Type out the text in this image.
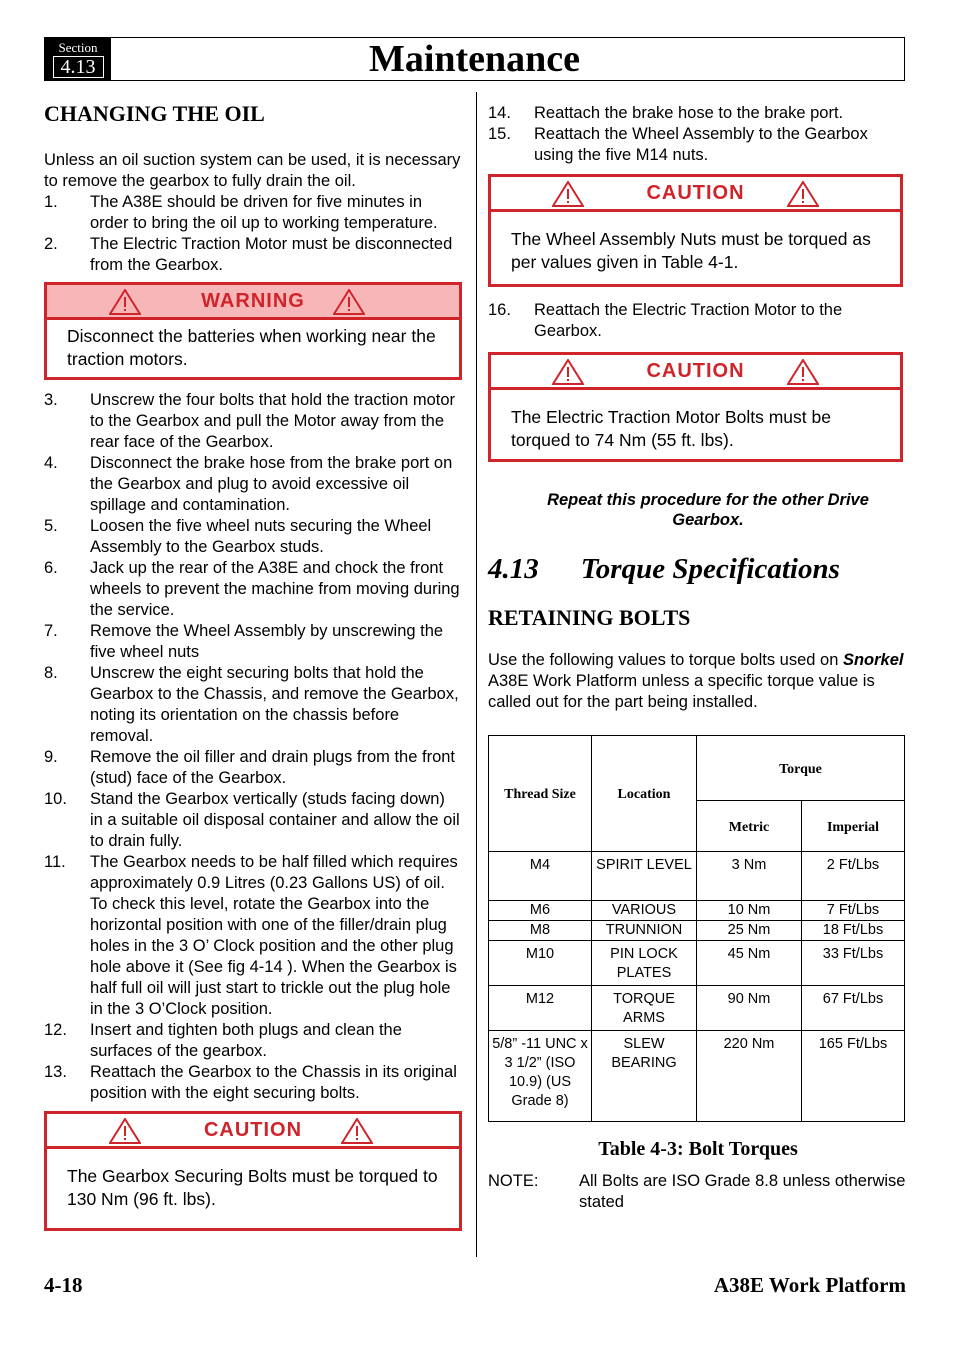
Section
4.13	Maintenance
CHANGING THE OIL

Unless an oil suction system can be used, it is necessary to remove the gearbox to fully drain the oil.

1. The A38E should be driven for five minutes in order to bring the oil up to working temperature.
2. The Electric Traction Motor must be disconnected from the Gearbox.
WARNING
Disconnect the batteries when working near the traction motors.
3. Unscrew the four bolts that hold the traction motor to the Gearbox and pull the Motor away from the rear face of the Gearbox.
4. Disconnect the brake hose from the brake port on the Gearbox and plug to avoid excessive oil spillage and contamination.
5. Loosen the five wheel nuts securing the Wheel Assembly to the Gearbox studs.
6. Jack up the rear of the A38E and chock the front wheels to prevent the machine from moving during the service.
7. Remove the Wheel Assembly by unscrewing the five wheel nuts
8. Unscrew the eight securing bolts that hold the Gearbox to the Chassis, and remove the Gearbox, noting its orientation on the chassis before removal.
9. Remove the oil filler and drain plugs from the front (stud) face of the Gearbox.
10. Stand the Gearbox vertically (studs facing down) in a suitable oil disposal container and allow the oil to drain fully.
11. The Gearbox needs to be half filled which requires approximately 0.9 Litres (0.23 Gallons US) of oil. To check this level, rotate the Gearbox into the horizontal position with one of the filler/drain plug holes in the 3 O’ Clock position and the other plug hole above it (See fig 4-14 ). When the Gearbox is half full oil will just start to trickle out the plug hole in the 3 O’Clock position.
12. Insert and tighten both plugs and clean the surfaces of the gearbox.
13. Reattach the Gearbox to the Chassis in its original position with the eight securing bolts.
CAUTION
The Gearbox Securing Bolts must be torqued to 130 Nm (96 ft. lbs).
14. Reattach the brake hose to the brake port.
15. Reattach the Wheel Assembly to the Gearbox using the five M14 nuts.
CAUTION
The Wheel Assembly Nuts must be torqued as per values given in Table 4-1.
16. Reattach the Electric Traction Motor to the Gearbox.
CAUTION
The Electric Traction Motor Bolts must be torqued to 74 Nm (55 ft. lbs).
Repeat this procedure for the other Drive Gearbox.
4.13 Torque Specifications
RETAINING BOLTS

Use the following values to torque bolts used on Snorkel A38E Work Platform unless a specific torque value is called out for the part being installed.

Thread Size	Location	Torque	
		Metric	Imperial
M4	SPIRIT LEVEL	3 Nm	2 Ft/Lbs
M6	VARIOUS	10 Nm	7 Ft/Lbs
M8	TRUNNION	25 Nm	18 Ft/Lbs
M10	PIN LOCK PLATES	45 Nm	33 Ft/Lbs
M12	TORQUE ARMS	90 Nm	67 Ft/Lbs
5/8” -11 UNC x 3 1/2” (ISO 10.9) (US Grade 8)	SLEW BEARING	220 Nm	165 Ft/Lbs
Table 4-3: Bolt Torques
NOTE: All Bolts are ISO Grade 8.8 unless otherwise stated
4-18	A38E Work Platform
